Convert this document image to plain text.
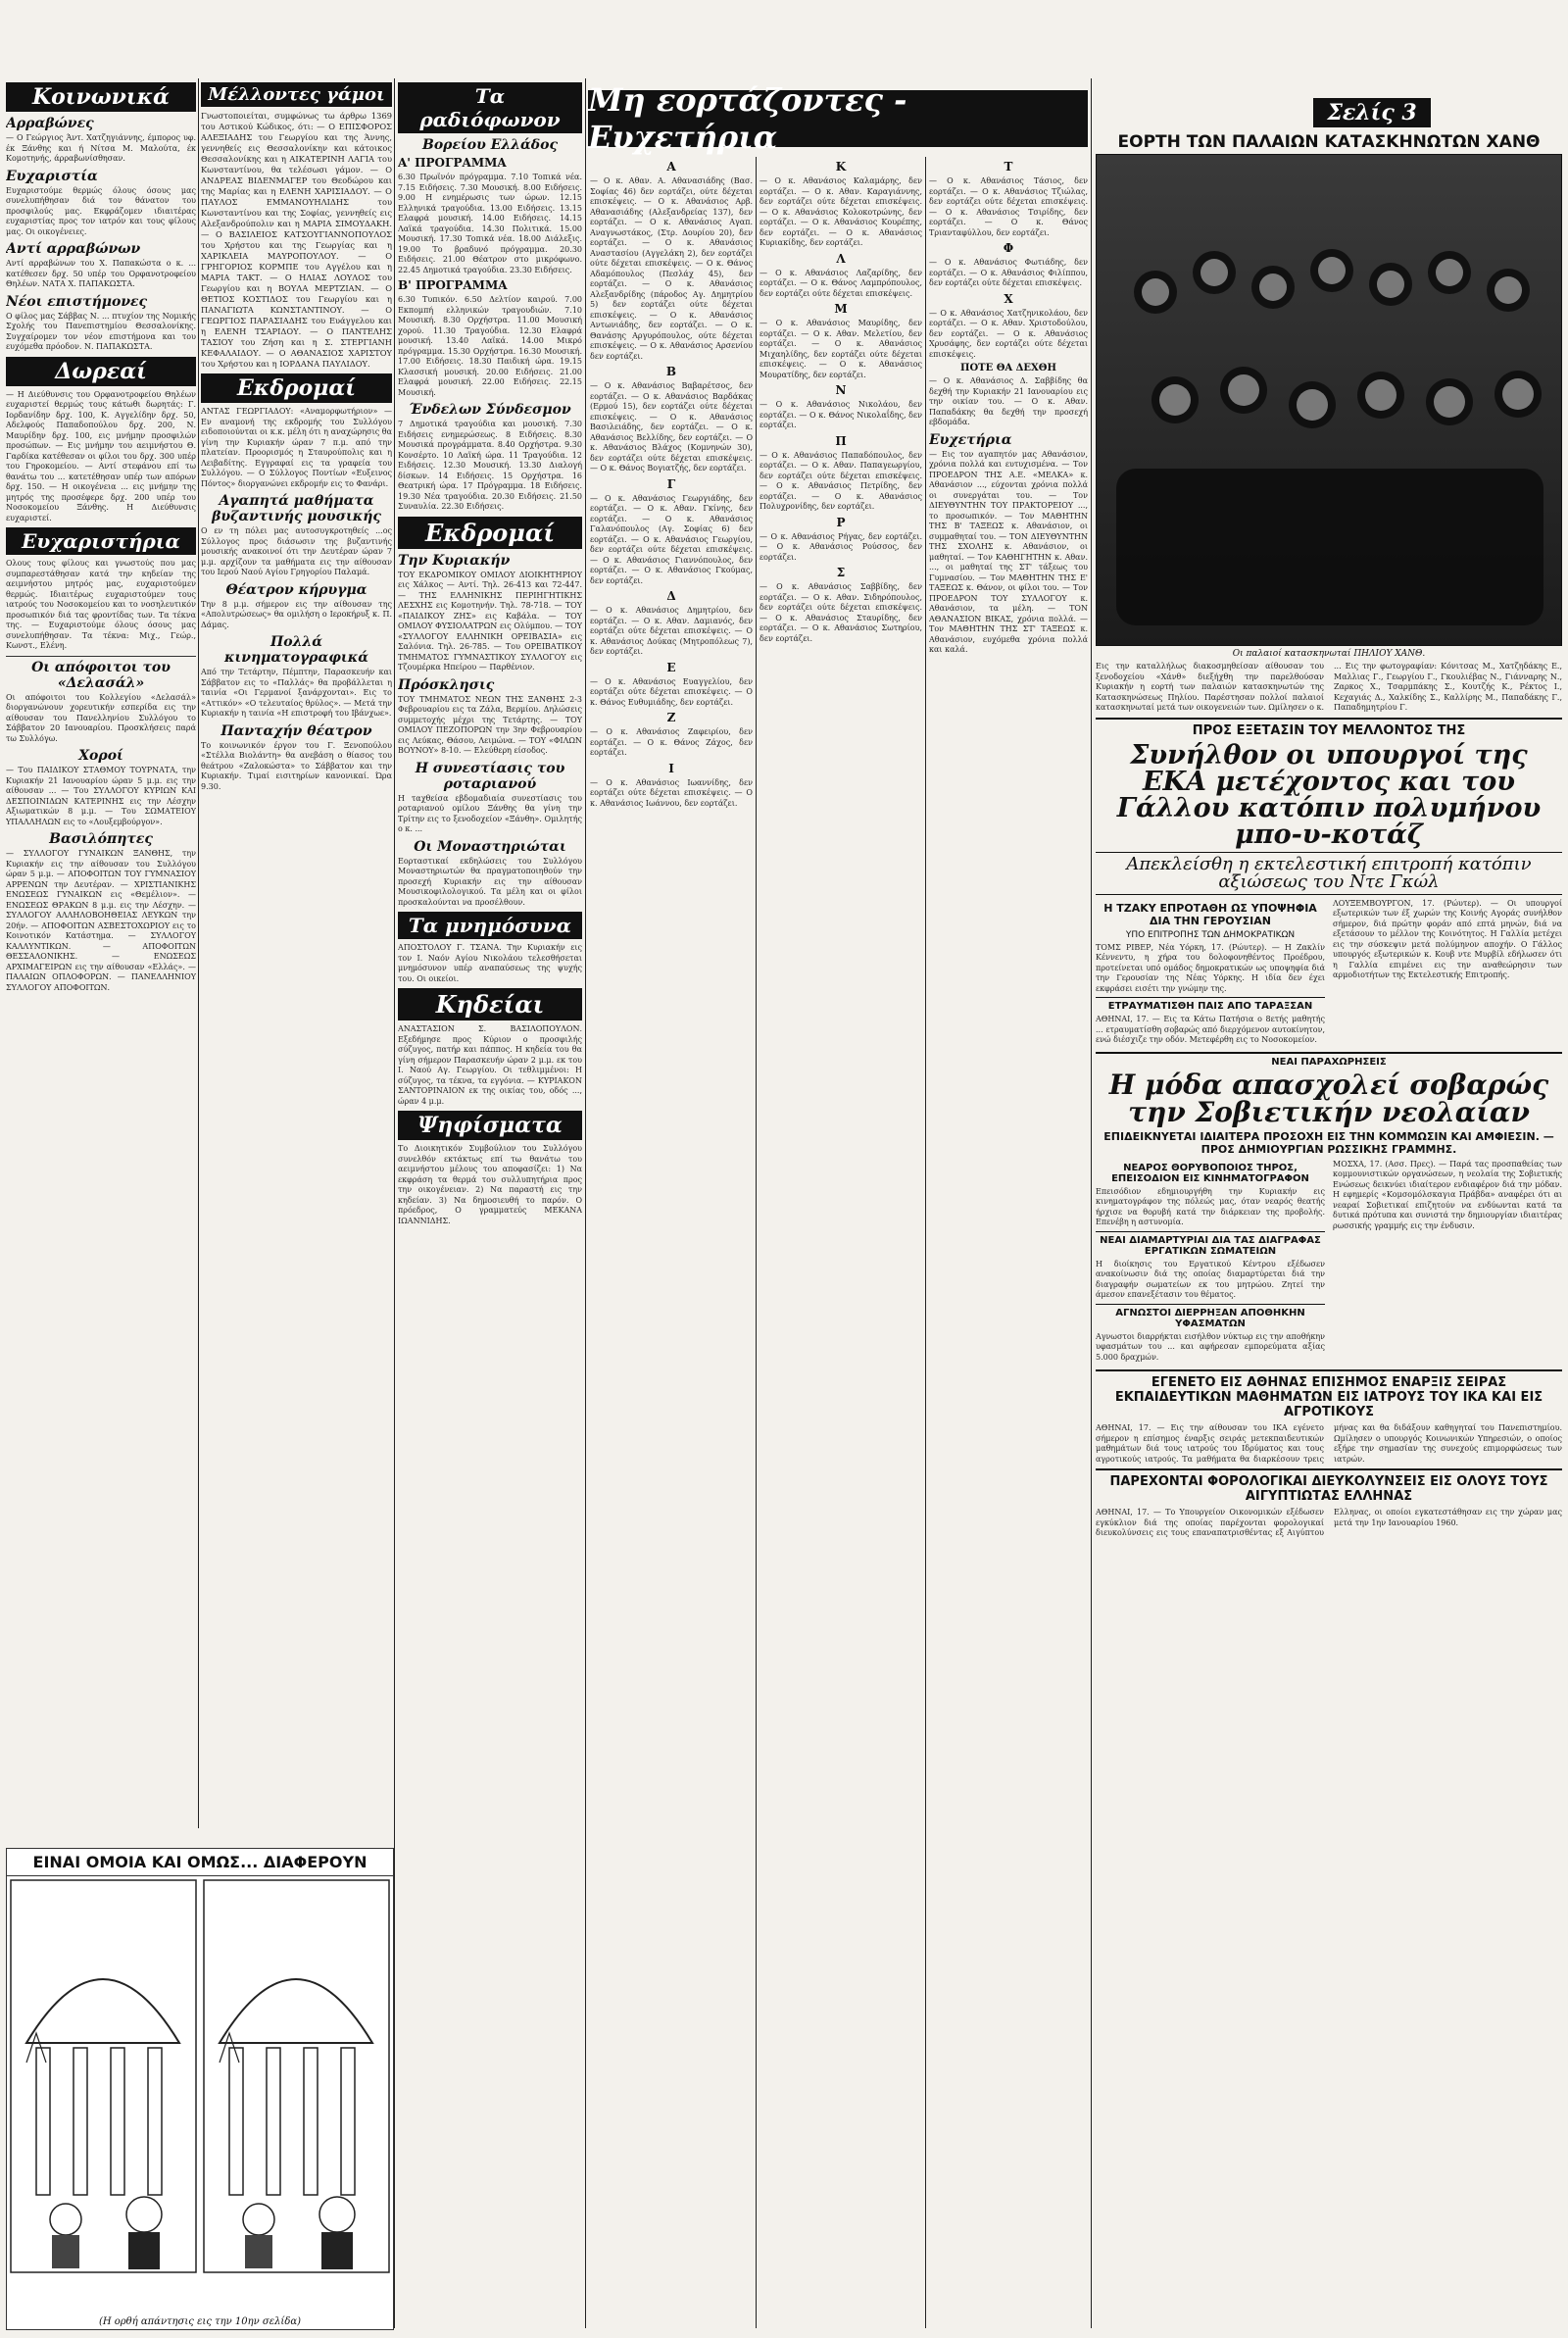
Κοινωνικά
Αρραβώνες

— Ο Γεώργιος Άντ. Χατζηγιάννης, έμπορος υφ. έκ Ξάνθης και ή Νίτσα Μ. Μαλούτα, έκ Κομοτηνής, άρραβωνίσθησαν.

Ευχαριστία

Ευχαριστούμε θερμώς όλους όσους μας συνελυπήθησαν διά τον θάνατον του προσφιλούς μας. Εκφράζομεν ιδιαιτέρας ευχαριστίας προς τον ιατρόν και τους φίλους μας. Οι οικογένειες.

Αντί αρραβώνων

Αντί αρραβώνων του Χ. Παπακώστα ο κ. ... κατέθεσεν δρχ. 50 υπέρ του Ορφανοτροφείου Θηλέων. ΝΑΤΑ Χ. ΠΑΠΑΚΩΣΤΑ.

Νέοι επιστήμονες

Ο φίλος μας Σάββας Ν. ... πτυχίον της Νομικής Σχολής του Πανεπιστημίου Θεσσαλονίκης. Συγχαίρομεν τον νέον επιστήμονα και του ευχόμεθα πρόοδον. Ν. ΠΑΠΑΚΩΣΤΑ.

Δωρεαί

— Η Διεύθυνσις του Ορφανοτροφείου Θηλέων ευχαριστεί θερμώς τους κάτωθι δωρητάς: Γ. Ιορδανίδην δρχ. 100, Κ. Αγγελίδην δρχ. 50, Αδελφούς Παπαδοπούλου δρχ. 200, Ν. Μαυρίδην δρχ. 100, εις μνήμην προσφιλών προσώπων. — Εις μνήμην του αειμνήστου Θ. Γαρδίκα κατέθεσαν οι φίλοι του δρχ. 300 υπέρ του Γηροκομείου. — Αντί στεφάνου επί τω θανάτω του ... κατετέθησαν υπέρ των απόρων δρχ. 150. — Η οικογένεια ... εις μνήμην της μητρός της προσέφερε δρχ. 200 υπέρ του Νοσοκομείου Ξάνθης. Η Διεύθυνσις ευχαριστεί.

Ευχαριστήρια

Ολους τους φίλους και γνωστούς που μας συμπαρεστάθησαν κατά την κηδείαν της αειμνήστου μητρός μας, ευχαριστούμεν θερμώς. Ιδιαιτέρως ευχαριστούμεν τους ιατρούς του Νοσοκομείου και το νοσηλευτικόν προσωπικόν διά τας φροντίδας των. Τα τέκνα της. — Ευχαριστούμε όλους όσους μας συνελυπήθησαν. Τα τέκνα: Μιχ., Γεώρ., Κωνστ., Ελένη.

Οι απόφοιτοι του «Δελασάλ»

Οι απόφοιτοι του Κολλεγίου «Δελασάλ» διοργανώνουν χορευτικήν εσπερίδα εις την αίθουσαν του Πανελληνίου Συλλόγου το Σάββατον 20 Ιανουαρίου. Προσκλήσεις παρά τω Συλλόγω.

Χοροί

— Του ΠΑΙΔΙΚΟΥ ΣΤΑΘΜΟΥ ΤΟΥΡΝΑΤΑ, την Κυριακήν 21 Ιανουαρίου ώραν 5 μ.μ. εις την αίθουσαν ... — Του ΣΥΛΛΟΓΟΥ ΚΥΡΙΩΝ ΚΑΙ ΔΕΣΠΟΙΝΙΔΩΝ ΚΑΤΕΡΙΝΗΣ εις την Λέσχην Αξιωματικών 8 μ.μ. — Του ΣΩΜΑΤΕΙΟΥ ΥΠΑΛΛΗΛΩΝ εις το «Λουξεμβούργον».

Βασιλόπητες

— ΣΥΛΛΟΓΟΥ ΓΥΝΑΙΚΩΝ ΞΑΝΘΗΣ, την Κυριακήν εις την αίθουσαν του Συλλόγου ώραν 5 μ.μ. — ΑΠΟΦΟΙΤΩΝ ΤΟΥ ΓΥΜΝΑΣΙΟΥ ΑΡΡΕΝΩΝ την Δευτέραν. — ΧΡΙΣΤΙΑΝΙΚΗΣ ΕΝΩΣΕΩΣ ΓΥΝΑΙΚΩΝ εις «Θεμέλιον». — ΕΝΩΣΕΩΣ ΘΡΑΚΩΝ 8 μ.μ. εις την Λέσχην. — ΣΥΛΛΟΓΟΥ ΑΛΛΗΛΟΒΟΗΘΕΙΑΣ ΛΕΥΚΩΝ την 20ήν. — ΑΠΟΦΟΙΤΩΝ ΑΣΒΕΣΤΟΧΩΡΙΟΥ εις το Κοινοτικόν Κατάστημα. — ΣΥΛΛΟΓΟΥ ΚΑΛΛΥΝΤΙΚΩΝ. — ΑΠΟΦΟΙΤΩΝ ΘΕΣΣΑΛΟΝΙΚΗΣ. — ΕΝΩΣΕΩΣ ΑΡΧΙΜΑΓΕΙΡΩΝ εις την αίθουσαν «Ελλάς». — ΠΑΛΑΙΩΝ ΟΠΛΟΦΟΡΩΝ. — ΠΑΝΕΛΛΗΝΙΟΥ ΣΥΛΛΟΓΟΥ ΑΠΟΦΟΙΤΩΝ.

ΕΙΝΑΙ ΟΜΟΙΑ ΚΑΙ ΟΜΩΣ... ΔΙΑΦΕΡΟΥΝ
(Η ορθή απάντησις εις την 10ην σελίδα)
Μέλλοντες γάμοι

Γνωστοποιείται, συμφώνως τω άρθρω 1369 του Αστικού Κώδικος, ότι: — Ο ΕΠΙΣΦΟΡΟΣ ΑΛΕΞΙΑΔΗΣ του Γεωργίου και της Άννης, γεννηθείς εις Θεσσαλονίκην και κάτοικος Θεσσαλονίκης και η ΑΙΚΑΤΕΡΙΝΗ ΛΑΓΙΑ του Κωνσταντίνου, θα τελέσωσι γάμον. — Ο ΑΝΔΡΕΑΣ ΒΙΔΕΝΜΑΓΕΡ του Θεοδώρου και της Μαρίας και η ΕΛΕΝΗ ΧΑΡΙΣΙΑΔΟΥ. — Ο ΠΑΥΛΟΣ ΕΜΜΑΝΟΥΗΛΙΔΗΣ του Κωνσταντίνου και της Σοφίας, γεννηθείς εις Αλεξανδρούπολιν και η ΜΑΡΙΑ ΣΙΜΟΥΔΑΚΗ. — Ο ΒΑΣΙΛΕΙΟΣ ΚΑΤΣΟΥΓΙΑΝΝΟΠΟΥΛΟΣ του Χρήστου και της Γεωργίας και η ΧΑΡΙΚΛΕΙΑ ΜΑΥΡΟΠΟΥΛΟΥ. — Ο ΓΡΗΓΟΡΙΟΣ ΚΟΡΜΠΕ του Αγγέλου και η ΜΑΡΙΑ ΤΑΚΤ. — Ο ΗΛΙΑΣ ΛΟΥΛΟΣ του Γεωργίου και η ΒΟΥΛΑ ΜΕΡΤΖΙΑΝ. — Ο ΘΕΤΙΟΣ ΚΟΣΤΙΔΟΣ του Γεωργίου και η ΠΑΝΑΓΙΩΤΑ ΚΩΝΣΤΑΝΤΙΝΟΥ. — Ο ΓΕΩΡΓΙΟΣ ΠΑΡΑΣΙΑΔΗΣ του Ευάγγελου και η ΕΛΕΝΗ ΤΣΑΡΙΔΟΥ. — Ο ΠΑΝΤΕΛΗΣ ΤΑΣΙΟΥ του Ζήση και η Σ. ΣΤΕΡΓΙΑΝΗ ΚΕΦΑΛΑΙΔΟΥ. — Ο ΑΘΑΝΑΣΙΟΣ ΧΑΡΙΣΤΟΥ του Χρήστου και η ΙΟΡΔΑΝΑ ΠΑΥΛΙΔΟΥ.

Εκδρομαί

ΑΝΤΑΣ ΓΕΩΡΓΙΑΔΟΥ: «Αναμορφωτήριον» — Εν αναμονή της εκδρομής του Συλλόγου ειδοποιούνται οι κ.κ. μέλη ότι η αναχώρησις θα γίνη την Κυριακήν ώραν 7 π.μ. από την πλατείαν. Προορισμός η Σταυρούπολις και η Λειβαδίτης. Εγγραφαί εις τα γραφεία του Συλλόγου. — Ο Σύλλογος Ποντίων «Ευξεινος Πόντος» διοργανώνει εκδρομήν εις το Φανάρι.

Αγαπητά μαθήματα βυζαντινής μουσικής

Ο εν τη πόλει μας αυτοσυγκροτηθείς ...ος Σύλλογος προς διάσωσιν της βυζαντινής μουσικής ανακοινοί ότι την Δευτέραν ώραν 7 μ.μ. αρχίζουν τα μαθήματα εις την αίθουσαν του Ιερού Ναού Αγίου Γρηγορίου Παλαμά.

Θέατρον κήρυγμα

Την 8 μ.μ. σήμερον εις την αίθουσαν της «Απολυτρώσεως» θα ομιλήση ο Ιεροκήρυξ κ. Π. Δάμας.

Πολλά κινηματογραφικά

Από την Τετάρτην, Πέμπτην, Παρασκευήν και Σάββατον εις το «Παλλάς» θα προβάλλεται η ταινία «Οι Γερμανοί ξανάρχονται». Εις το «Αττικόν» «Ο τελευταίος θρύλος». — Μετά την Κυριακήν η ταινία «Η επιστροφή του Ιβάνχωε».

Πανταχήν θέατρον

Το κοινωνικόν έργον του Γ. Ξενοπούλου «Στέλλα Βιολάντη» θα ανεβάση ο θίασος του θεάτρου «Ζαλοκώστα» το Σάββατον και την Κυριακήν. Τιμαί εισιτηρίων κανονικαί. Ώρα 9.30.

Τα ραδιόφωνον
Βορείου Ελλάδος
Α' ΠΡΟΓΡΑΜΜΑ

6.30 Πρωϊνόν πρόγραμμα. 7.10 Τοπικά νέα. 7.15 Ειδήσεις. 7.30 Μουσική. 8.00 Ειδήσεις. 9.00 Η ενημέρωσις των ώρων. 12.15 Ελληνικά τραγούδια. 13.00 Ειδήσεις. 13.15 Ελαφρά μουσική. 14.00 Ειδήσεις. 14.15 Λαϊκά τραγούδια. 14.30 Πολιτικά. 15.00 Μουσική. 17.30 Τοπικά νέα. 18.00 Διάλεξις. 19.00 Το βραδυνό πρόγραμμα. 20.30 Ειδήσεις. 21.00 Θέατρον στο μικρόφωνο. 22.45 Δημοτικά τραγούδια. 23.30 Ειδήσεις.

Β' ΠΡΟΓΡΑΜΜΑ

6.30 Τυπικόν. 6.50 Δελτίον καιρού. 7.00 Εκπομπή ελληνικών τραγουδιών. 7.10 Μουσική. 8.30 Ορχήστρα. 11.00 Μουσική χορού. 11.30 Τραγούδια. 12.30 Ελαφρά μουσική. 13.40 Λαϊκά. 14.00 Μικρό πρόγραμμα. 15.30 Ορχήστρα. 16.30 Μουσική. 17.00 Ειδήσεις. 18.30 Παιδική ώρα. 19.15 Κλασσική μουσική. 20.00 Ειδήσεις. 21.00 Ελαφρά μουσική. 22.00 Ειδήσεις. 22.15 Μουσική.

Ένδελων Σύνδεσμον

7 Δημοτικά τραγούδια και μουσική. 7.30 Ειδήσεις ενημερώσεως. 8 Ειδήσεις. 8.30 Μουσικά προγράμματα. 8.40 Ορχήστρα. 9.30 Κονσέρτο. 10 Λαϊκή ώρα. 11 Τραγούδια. 12 Ειδήσεις. 12.30 Μουσική. 13.30 Διαλογή δίσκων. 14 Ειδήσεις. 15 Ορχήστρα. 16 Θεατρική ώρα. 17 Πρόγραμμα. 18 Ειδήσεις. 19.30 Νέα τραγούδια. 20.30 Ειδήσεις. 21.50 Συναυλία. 22.30 Ειδήσεις.

Εκδρομαί
Την Κυριακήν

ΤΟΥ ΕΚΔΡΟΜΙΚΟΥ ΟΜΙΛΟΥ ΔΙΟΙΚΗΤΗΡΙΟΥ εις Χάλκος — Αντί. Τηλ. 26-413 και 72-447. — ΤΗΣ ΕΛΛΗΝΙΚΗΣ ΠΕΡΙΗΓΗΤΙΚΗΣ ΛΕΣΧΗΣ εις Κομοτηνήν. Τηλ. 78-718. — ΤΟΥ «ΠΑΙΔΙΚΟΥ ΖΗΣ» εις Καβάλα. — ΤΟΥ ΟΜΙΛΟΥ ΦΥΣΙΟΛΑΤΡΩΝ εις Ολύμπου. — ΤΟΥ «ΣΥΛΛΟΓΟΥ ΕΛΛΗΝΙΚΗ ΟΡΕΙΒΑΣΙΑ» εις Σαλόνια. Τηλ. 26-785. — Του ΟΡΕΙΒΑΤΙΚΟΥ ΤΜΗΜΑΤΟΣ ΓΥΜΝΑΣΤΙΚΟΥ ΣΥΛΛΟΓΟΥ εις Τζουμέρκα Ηπείρου — Παρθένιον.

Πρόσκλησις

ΤΟΥ ΤΜΗΜΑΤΟΣ ΝΕΩΝ ΤΗΣ ΞΑΝΘΗΣ 2-3 Φεβρουαρίου εις τα Ζάλα, Βερμίου. Δηλώσεις συμμετοχής μέχρι της Τετάρτης. — ΤΟΥ ΟΜΙΛΟΥ ΠΕΖΟΠΟΡΩΝ την 3ην Φεβρουαρίου εις Λεύκας, Θάσου, Λειμώνα. — ΤΟΥ «ΦΙΛΩΝ ΒΟΥΝΟΥ» 8-10. — Ελεύθερη είσοδος.

Η συνεστίασις του ροταριανού

Η ταχθείσα εβδομαδιαία συνεστίασις του ροταριανού ομίλου Ξάνθης θα γίνη την Τρίτην εις το ξενοδοχείον «Ξάνθη». Ομιλητής ο κ. ...

Οι Μοναστηριώται

Εορταστικαί εκδηλώσεις του Συλλόγου Μοναστηριωτών θα πραγματοποιηθούν την προσεχή Κυριακήν εις την αίθουσαν Μουσικοφιλολογικού. Τα μέλη και οι φίλοι προσκαλούνται να προσέλθουν.

Τα μνημόσυνα

ΑΠΟΣΤΟΛΟΥ Γ. ΤΣΑΝΑ. Την Κυριακήν εις τον Ι. Ναόν Αγίου Νικολάου τελεσθήσεται μνημόσυνον υπέρ αναπαύσεως της ψυχής του. Οι οικείοι.

Κηδείαι

ΑΝΑΣΤΑΣΙΟΝ Σ. ΒΑΣΙΛΟΠΟΥΛΟΝ. Εξεδήμησε προς Κύριον ο προσφιλής σύζυγος, πατήρ και πάππος. Η κηδεία του θα γίνη σήμερον Παρασκευήν ώραν 2 μ.μ. εκ του Ι. Ναού Αγ. Γεωργίου. Οι τεθλιμμένοι: Η σύζυγος, τα τέκνα, τα εγγόνια. — ΚΥΡΙΑΚΟΝ ΣΑΝΤΟΡΙΝΑΙΟΝ εκ της οικίας του, οδός ..., ώραν 4 μ.μ.

Ψηφίσματα

Το Διοικητικόν Συμβούλιον του Συλλόγου συνελθόν εκτάκτως επί τω θανάτω του αειμνήστου μέλους του αποφασίζει: 1) Να εκφράση τα θερμά του συλλυπητήρια προς την οικογένειαν. 2) Να παραστή εις την κηδείαν. 3) Να δημοσιευθή το παρόν. Ο πρόεδρος, Ο γραμματεύς ΜΕΚΑΝΑ ΙΩΑΝΝΙΔΗΣ.

Μη εορτάζοντες - Ευχετήρια
Α

— Ο κ. Αθαν. Α. Αθανασιάδης (Βασ. Σοφίας 46) δεν εορτάζει, ούτε δέχεται επισκέψεις. — Ο κ. Αθανάσιος Αρβ. Αθανασιάδης (Αλεξανδρείας 137), δεν εορτάζει. — Ο κ. Αθανάσιος Αγαπ. Αναγνωστάκος, (Στρ. Δουρίου 20), δεν εορτάζει. — Ο κ. Αθανάσιος Αναστασίου (Αγγελάκη 2), δεν εορτάζει ούτε δέχεται επισκέψεις. — Ο κ. Θάνος Αδαμόπουλος (Πεσλάχ 45), δεν εορτάζει. — Ο κ. Αθανάσιος Αλεξανδρίδης (πάροδος Αγ. Δημητρίου 5) δεν εορτάζει ούτε δέχεται επισκέψεις. — Ο κ. Αθανάσιος Αντωνιάδης, δεν εορτάζει. — Ο κ. Θανάσης Αργυρόπουλος, ούτε δέχεται επισκέψεις. — Ο κ. Αθανάσιος Αρσενίου δεν εορτάζει.

Β

— Ο κ. Αθανάσιος Βαβαρέτσος, δεν εορτάζει. — Ο κ. Αθανάσιος Βαρδάκας (Ερμού 15), δεν εορτάζει ούτε δέχεται επισκέψεις. — Ο κ. Αθανάσιος Βασιλειάδης, δεν εορτάζει. — Ο κ. Αθανάσιος Βελλίδης, δεν εορτάζει. — Ο κ. Αθανάσιος Βλάχος (Κομνηνών 30), δεν εορτάζει ούτε δέχεται επισκέψεις. — Ο κ. Θάνος Βογιατζής, δεν εορτάζει.

Γ

— Ο κ. Αθανάσιος Γεωργιάδης, δεν εορτάζει. — Ο κ. Αθαν. Γκίνης, δεν εορτάζει. — Ο κ. Αθανάσιος Γαλανόπουλος (Αγ. Σοφίας 6) δεν εορτάζει. — Ο κ. Αθανάσιος Γεωργίου, δεν εορτάζει ούτε δέχεται επισκέψεις. — Ο κ. Αθανάσιος Γιαννόπουλος, δεν εορτάζει. — Ο κ. Αθανάσιος Γκούμας, δεν εορτάζει.

Δ

— Ο κ. Αθανάσιος Δημητρίου, δεν εορτάζει. — Ο κ. Αθαν. Δαμιανός, δεν εορτάζει ούτε δέχεται επισκέψεις. — Ο κ. Αθανάσιος Δούκας (Μητροπόλεως 7), δεν εορτάζει.

Ε

— Ο κ. Αθανάσιος Ευαγγελίου, δεν εορτάζει ούτε δέχεται επισκέψεις. — Ο κ. Θάνος Ευθυμιάδης, δεν εορτάζει.

Ζ

— Ο κ. Αθανάσιος Ζαφειρίου, δεν εορτάζει. — Ο κ. Θάνος Ζάχος, δεν εορτάζει.

Ι

— Ο κ. Αθανάσιος Ιωαννίδης, δεν εορτάζει ούτε δέχεται επισκέψεις. — Ο κ. Αθανάσιος Ιωάννου, δεν εορτάζει.

Κ

— Ο κ. Αθανάσιος Καλαμάρης, δεν εορτάζει. — Ο κ. Αθαν. Καραγιάννης, δεν εορτάζει ούτε δέχεται επισκέψεις. — Ο κ. Αθανάσιος Κολοκοτρώνης, δεν εορτάζει. — Ο κ. Αθανάσιος Κουρέπης, δεν εορτάζει. — Ο κ. Αθανάσιος Κυριακίδης, δεν εορτάζει.

Λ

— Ο κ. Αθανάσιος Λαζαρίδης, δεν εορτάζει. — Ο κ. Θάνος Λαμπρόπουλος, δεν εορτάζει ούτε δέχεται επισκέψεις.

Μ

— Ο κ. Αθανάσιος Μαυρίδης, δεν εορτάζει. — Ο κ. Αθαν. Μελετίου, δεν εορτάζει. — Ο κ. Αθανάσιος Μιχαηλίδης, δεν εορτάζει ούτε δέχεται επισκέψεις. — Ο κ. Αθανάσιος Μουρατίδης, δεν εορτάζει.

Ν

— Ο κ. Αθανάσιος Νικολάου, δεν εορτάζει. — Ο κ. Θάνος Νικολαΐδης, δεν εορτάζει.

Π

— Ο κ. Αθανάσιος Παπαδόπουλος, δεν εορτάζει. — Ο κ. Αθαν. Παπαγεωργίου, δεν εορτάζει ούτε δέχεται επισκέψεις. — Ο κ. Αθανάσιος Πετρίδης, δεν εορτάζει. — Ο κ. Αθανάσιος Πολυχρονίδης, δεν εορτάζει.

Ρ

— Ο κ. Αθανάσιος Ρήγας, δεν εορτάζει. — Ο κ. Αθανάσιος Ρούσσος, δεν εορτάζει.

Σ

— Ο κ. Αθανάσιος Σαββίδης, δεν εορτάζει. — Ο κ. Αθαν. Σιδηρόπουλος, δεν εορτάζει ούτε δέχεται επισκέψεις. — Ο κ. Αθανάσιος Σταυρίδης, δεν εορτάζει. — Ο κ. Αθανάσιος Σωτηρίου, δεν εορτάζει.

Τ

— Ο κ. Αθανάσιος Τάσιος, δεν εορτάζει. — Ο κ. Αθανάσιος Τζιώλας, δεν εορτάζει ούτε δέχεται επισκέψεις. — Ο κ. Αθανάσιος Τσιρίδης, δεν εορτάζει. — Ο κ. Θάνος Τριανταφύλλου, δεν εορτάζει.

Φ

— Ο κ. Αθανάσιος Φωτιάδης, δεν εορτάζει. — Ο κ. Αθανάσιος Φιλίππου, δεν εορτάζει ούτε δέχεται επισκέψεις.

Χ

— Ο κ. Αθανάσιος Χατζηνικολάου, δεν εορτάζει. — Ο κ. Αθαν. Χριστοδούλου, δεν εορτάζει. — Ο κ. Αθανάσιος Χρυσάφης, δεν εορτάζει ούτε δέχεται επισκέψεις.

ΠΟΤΕ ΘΑ ΔΕΧΘΗ

— Ο κ. Αθανάσιος Δ. Σαββίδης θα δεχθή την Κυριακήν 21 Ιανουαρίου εις την οικίαν του. — Ο κ. Αθαν. Παπαδάκης θα δεχθή την προσεχή εβδομάδα.

Ευχετήρια

— Εις τον αγαπητόν μας Αθανάσιον, χρόνια πολλά και ευτυχισμένα. — Τον ΠΡΟΕΔΡΟΝ ΤΗΣ Α.Ε. «ΜΕΛΚΑ» κ. Αθανάσιον ..., εύχονται χρόνια πολλά οι συνεργάται του. — Τον ΔΙΕΥΘΥΝΤΗΝ ΤΟΥ ΠΡΑΚΤΟΡΕΙΟΥ ..., το προσωπικόν. — Τον ΜΑΘΗΤΗΝ ΤΗΣ Β' ΤΑΞΕΩΣ κ. Αθανάσιον, οι συμμαθηταί του. — ΤΟΝ ΔΙΕΥΘΥΝΤΗΝ ΤΗΣ ΣΧΟΛΗΣ κ. Αθανάσιον, οι μαθηταί. — Τον ΚΑΘΗΓΗΤΗΝ κ. Αθαν. ..., οι μαθηταί της ΣΤ' τάξεως του Γυμνασίου. — Τον ΜΑΘΗΤΗΝ ΤΗΣ Ε' ΤΑΞΕΩΣ κ. Θάνον, οι φίλοι του. — Τον ΠΡΟΕΔΡΟΝ ΤΟΥ ΣΥΛΛΟΓΟΥ κ. Αθανάσιον, τα μέλη. — ΤΟΝ ΑΘΑΝΑΣΙΟΝ ΒΙΚΑΣ, χρόνια πολλά. — Τον ΜΑΘΗΤΗΝ ΤΗΣ ΣΤ' ΤΑΞΕΩΣ κ. Αθανάσιον, ευχόμεθα χρόνια πολλά και καλά.

Σελίς 3
ΕΟΡΤΗ ΤΩΝ ΠΑΛΑΙΩΝ ΚΑΤΑΣΚΗΝΩΤΩΝ ΧΑΝΘ
Οι παλαιοί κατασκηνωταί ΠΗΛΙΟΥ ΧΑΝΘ.

Εις την καταλλήλως διακοσμηθείσαν αίθουσαν του ξενοδοχείου «Χάνθ» διεξήχθη την παρελθούσαν Κυριακήν η εορτή των παλαιών κατασκηνωτών της Κατασκηνώσεως Πηλίου. Παρέστησαν πολλοί παλαιοί κατασκηνωταί μετά των οικογενειών των. Ωμίλησεν ο κ. ... Εις την φωτογραφίαν: Κόνιτσας Μ., Χατζηδάκης Ε., Μαλλιας Γ., Γεωργίου Γ., Γκουλιέβας Ν., Γιάνναρης Ν., Ζαρκος Χ., Τσαρμπάκης Σ., Κουτζής Κ., Ρέκτος Ι., Κεχαγιάς Δ., Χαλκίδης Σ., Καλλίρης Μ., Παπαδάκης Γ., Παπαδημητρίου Γ.

ΠΡΟΣ ΕΞΕΤΑΣΙΝ ΤΟΥ ΜΕΛΛΟΝΤΟΣ ΤΗΣ
Συνήλθον οι υπουργοί της ΕΚΑ μετέχοντος και του Γάλλου κατόπιν πολυμήνου μπο-υ-κοτάζ
Απεκλείσθη η εκτελεστική επιτροπή κατόπιν αξιώσεως του Ντε Γκώλ
Η ΤΖΑΚΥ ΕΠΡΟΤΑΘΗ ΩΣ ΥΠΟΨΗΦΙΑ ΔΙΑ ΤΗΝ ΓΕΡΟΥΣΙΑΝ
ΥΠΟ ΕΠΙΤΡΟΠΗΣ ΤΩΝ ΔΗΜΟΚΡΑΤΙΚΩΝ

ΤΟΜΣ ΡΙΒΕΡ, Νέα Υόρκη, 17. (Ρώυτερ). — Η Ζακλίν Κέννεντυ, η χήρα του δολοφονηθέντος Προέδρου, προτείνεται υπό ομάδος δημοκρατικών ως υποψηφία διά την Γερουσίαν της Νέας Υόρκης. Η ιδία δεν έχει εκφράσει εισέτι την γνώμην της.

ΕΤΡΑΥΜΑΤΙΣΘΗ ΠΑΙΣ ΑΠΟ ΤΑΡΑΞΣΑΝ

ΑΘΗΝΑΙ, 17. — Εις τα Κάτω Πατήσια ο 8ετής μαθητής ... ετραυματίσθη σοβαρώς από διερχόμενον αυτοκίνητον, ενώ διέσχιζε την οδόν. Μετεφέρθη εις το Νοσοκομείον.

ΛΟΥΞΕΜΒΟΥΡΓΟΝ, 17. (Ρώυτερ). — Οι υπουργοί εξωτερικών των έξ χωρών της Κοινής Αγοράς συνήλθον σήμερον, διά πρώτην φοράν από επτά μηνών, διά να εξετάσουν το μέλλον της Κοινότητος. Η Γαλλία μετέχει εις την σύσκεψιν μετά πολύμηνον αποχήν. Ο Γάλλος υπουργός εξωτερικών κ. Κουβ ντε Μυρβίλ εδήλωσεν ότι η Γαλλία επιμένει εις την αναθεώρησιν των αρμοδιοτήτων της Εκτελεστικής Επιτροπής.

ΝΕΑΙ ΠΑΡΑΧΩΡΗΣΕΙΣ
Η μόδα απασχολεί σοβαρώς την Σοβιετικήν νεολαίαν
ΕΠΙΔΕΙΚΝΥΕΤΑΙ ΙΔΙΑΙΤΕΡΑ ΠΡΟΣΟΧΗ ΕΙΣ ΤΗΝ ΚΟΜΜΩΣΙΝ ΚΑΙ ΑΜΦΙΕΣΙΝ. — ΠΡΟΣ ΔΗΜΙΟΥΡΓΙΑΝ ΡΩΣΣΙΚΗΣ ΓΡΑΜΜΗΣ.
ΝΕΑΡΟΣ ΘΟΡΥΒΟΠΟΙΟΣ ΤΗΡΟΣ, ΕΠΕΙΣΟΔΙΟΝ ΕΙΣ ΚΙΝΗΜΑΤΟΓΡΑΦΟΝ

Επεισόδιον εδημιουργήθη την Κυριακήν εις κινηματογράφον της πόλεώς μας, όταν νεαρός θεατής ήρχισε να θορυβή κατά την διάρκειαν της προβολής. Επενέβη η αστυνομία.

ΝΕΑΙ ΔΙΑΜΑΡΤΥΡΙΑΙ ΔΙΑ ΤΑΣ ΔΙΑΓΡΑΦΑΣ ΕΡΓΑΤΙΚΩΝ ΣΩΜΑΤΕΙΩΝ

Η διοίκησις του Εργατικού Κέντρου εξέδωσεν ανακοίνωσιν διά της οποίας διαμαρτύρεται διά την διαγραφήν σωματείων εκ του μητρώου. Ζητεί την άμεσον επανεξέτασιν του θέματος.

ΑΓΝΩΣΤΟΙ ΔΙΕΡΡΗΞΑΝ ΑΠΟΘΗΚΗΝ ΥΦΑΣΜΑΤΩΝ

Αγνωστοι διαρρήκται εισήλθον νύκτωρ εις την αποθήκην υφασμάτων του ... και αφήρεσαν εμπορεύματα αξίας 5.000 δραχμών.

ΜΟΣΧΑ, 17. (Ασσ. Πρες). — Παρά τας προσπαθείας των κομμουνιστικών οργανώσεων, η νεολαία της Σοβιετικής Ενώσεως δεικνύει ιδιαίτερον ενδιαφέρον διά την μόδαν. Η εφημερίς «Κομσομόλσκαγια Πράβδα» αναφέρει ότι αι νεαραί Σοβιετικαί επιζητούν να ενδύωνται κατά τα δυτικά πρότυπα και συνιστά την δημιουργίαν ιδιαιτέρας ρωσσικής γραμμής εις την ένδυσιν.

ΕΓΕΝΕΤΟ ΕΙΣ ΑΘΗΝΑΣ ΕΠΙΣΗΜΟΣ ΕΝΑΡΞΙΣ ΣΕΙΡΑΣ ΕΚΠΑΙΔΕΥΤΙΚΩΝ ΜΑΘΗΜΑΤΩΝ ΕΙΣ ΙΑΤΡΟΥΣ ΤΟΥ ΙΚΑ ΚΑΙ ΕΙΣ ΑΓΡΟΤΙΚΟΥΣ

ΑΘΗΝΑΙ, 17. — Εις την αίθουσαν του ΙΚΑ εγένετο σήμερον η επίσημος έναρξις σειράς μετεκπαιδευτικών μαθημάτων διά τους ιατρούς του Ιδρύματος και τους αγροτικούς ιατρούς. Τα μαθήματα θα διαρκέσουν τρεις μήνας και θα διδάξουν καθηγηταί του Πανεπιστημίου. Ωμίλησεν ο υπουργός Κοινωνικών Υπηρεσιών, ο οποίος εξήρε την σημασίαν της συνεχούς επιμορφώσεως των ιατρών.

ΠΑΡΕΧΟΝΤΑΙ ΦΟΡΟΛΟΓΙΚΑΙ ΔΙΕΥΚΟΛΥΝΣΕΙΣ ΕΙΣ ΟΛΟΥΣ ΤΟΥΣ ΑΙΓΥΠΤΙΩΤΑΣ ΕΛΛΗΝΑΣ

ΑΘΗΝΑΙ, 17. — Το Υπουργείον Οικονομικών εξέδωσεν εγκύκλιον διά της οποίας παρέχονται φορολογικαί διευκολύνσεις εις τους επαναπατρισθέντας εξ Αιγύπτου Ελληνας, οι οποίοι εγκατεστάθησαν εις την χώραν μας μετά την 1ην Ιανουαρίου 1960.
